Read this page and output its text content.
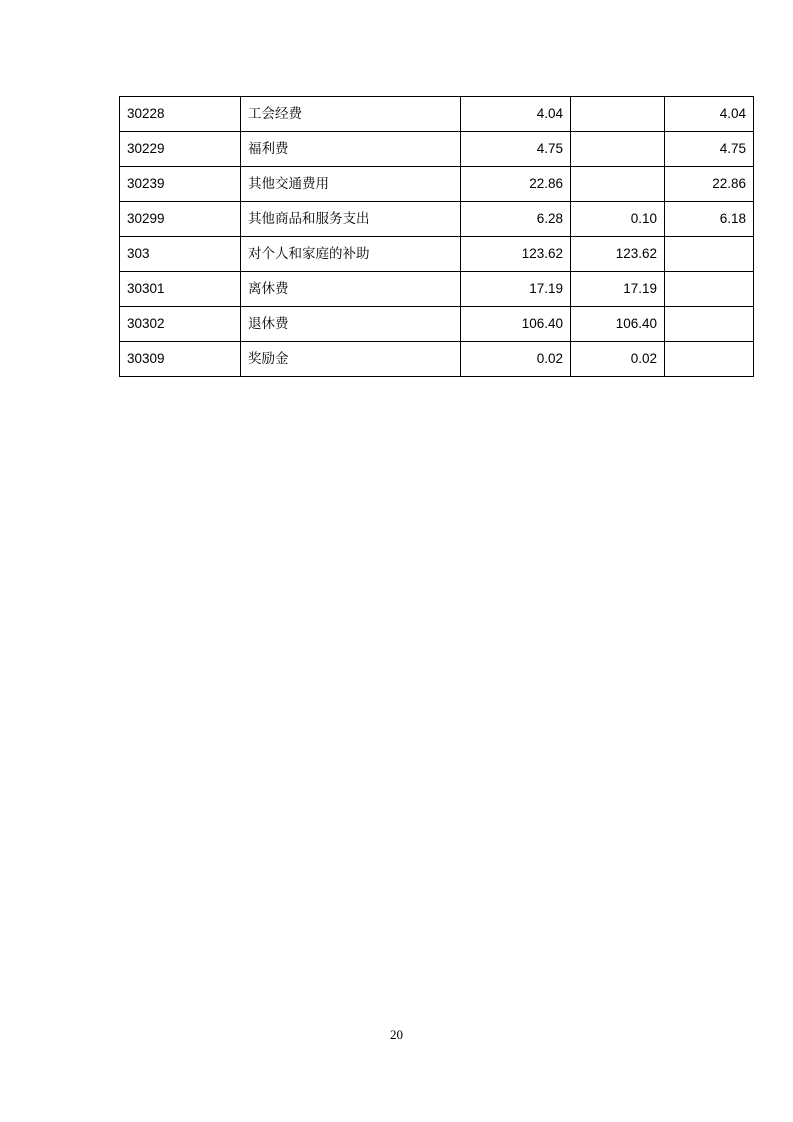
30228	工会经费	4.04		4.04
30229	福利费	4.75		4.75
30239	其他交通费用	22.86		22.86
30299	其他商品和服务支出	6.28	0.10	6.18
303	对个人和家庭的补助	123.62	123.62	
30301	离休费	17.19	17.19	
30302	退休费	106.40	106.40	
30309	奖励金	0.02	0.02	
20
